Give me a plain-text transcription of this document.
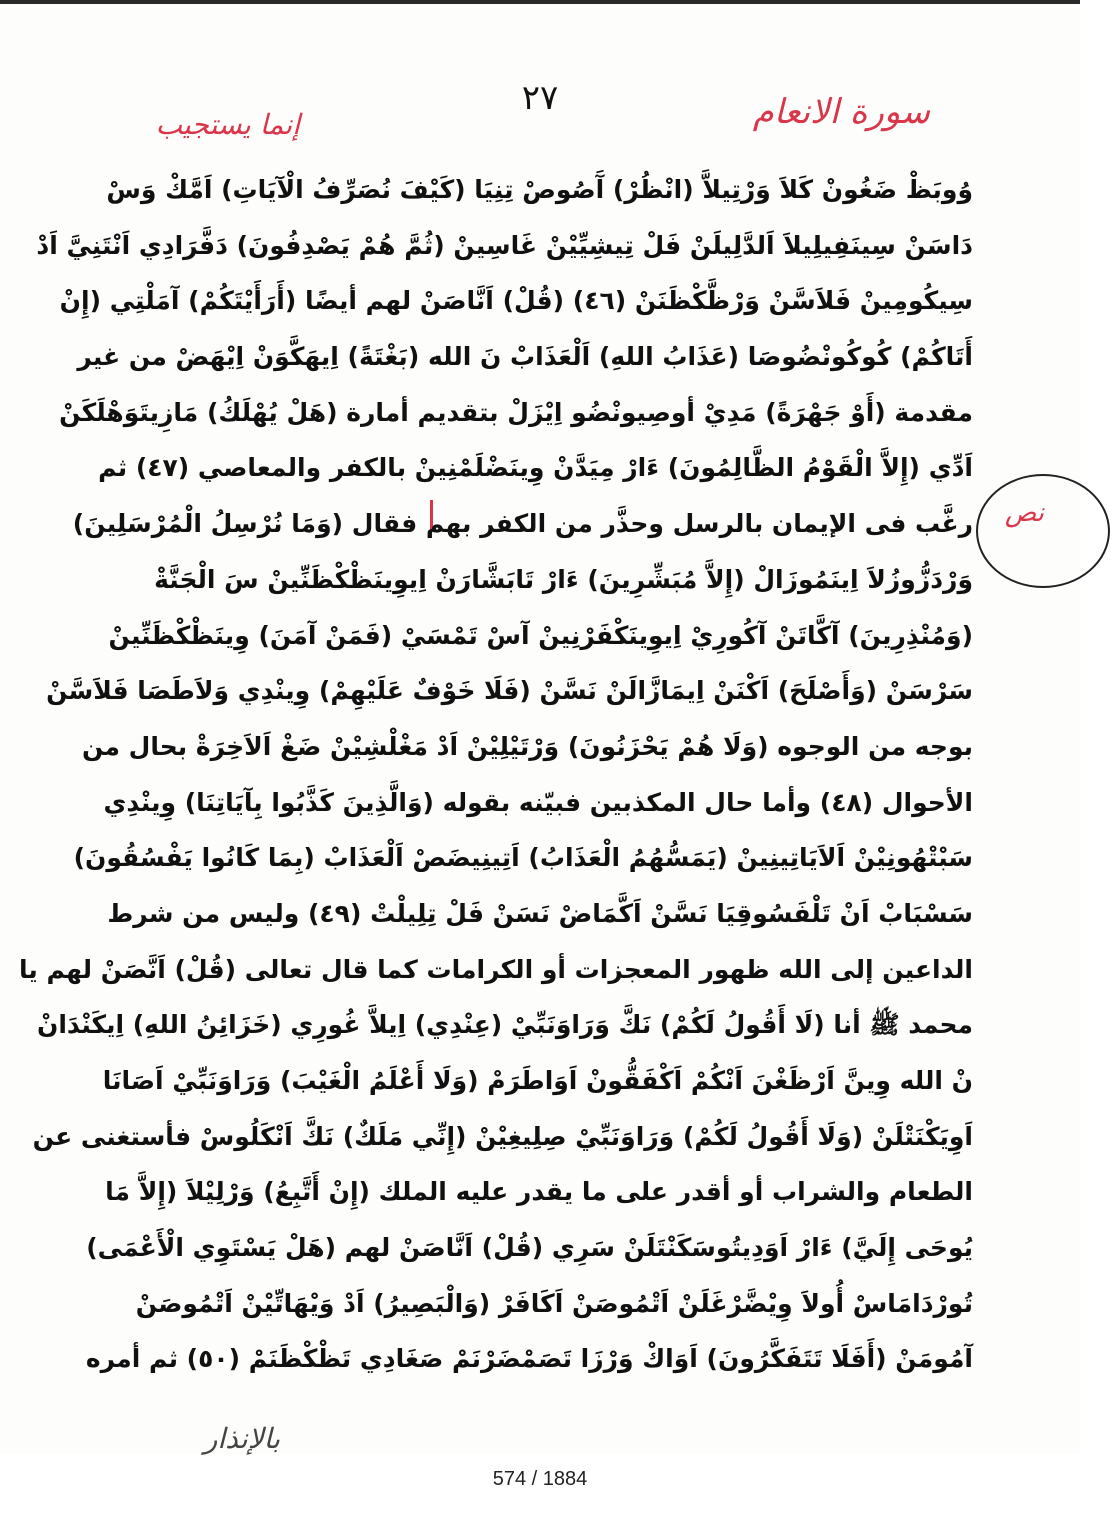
٢٧	سورة الانعام
إنما يستجيب
نص
وُوبَظْ ضَغُونْ كَلاَ وَرْتِيلاَّ (انْظُرْ) آَصُوصْ تِنِيَا (كَيْفَ نُصَرِّفُ الْآيَاتِ) اَمَّكْ وَسْ
دَاسَنْ سِينَفِيلِيلاَ اَلدَّلِيلَنْ فَلْ تِيشِيِّيْنْ غَاسِينْ (ثُمَّ هُمْ يَصْدِفُونَ) دَفَّرَادِي اَنْتَنِيَّ اَدْ
سِيكُومِينْ فَلاَسَّنْ وَرْظَّكْظَنَنْ (٤٦) (قُلْ) اَنَّاصَنْ لهم أيضًا (أَرَأَيْتَكُمْ) آمَلْتِي (إِنْ
أَتَاكُمْ) كُوكُونْضُوصَا (عَذَابُ اللهِ) اَلْعَذَابْ نَ الله (بَغْتَةً) اِيهَكَّوَنْ اِيْهَضْ من غير
مقدمة (أَوْ جَهْرَةً) مَدِيْ أوصِيونْضُو اِيْزَلْ بتقديم أمارة (هَلْ يُهْلَكُ) مَازِيتَوَهْلَكَنْ
اَدِّي (إِلاَّ الْقَوْمُ الظَّالِمُونَ) ءَارْ مِيَدَّنْ وِينَضْلَمْنِينْ بالكفر والمعاصي (٤٧) ثم
رغَّب فى الإيمان بالرسل وحذَّر من الكفر بهم فقال (وَمَا نُرْسِلُ الْمُرْسَلِينَ)
وَرْدَزُّوزُلاَ اِينَمُوزَالْ (إِلاَّ مُبَشِّرِينَ) ءَارْ تَابَشَّارَنْ اِيوِينَظْكْظَنِّينْ سَ الْجَنَّةْ
(وَمُنْذِرِينَ) آكَّاتَنْ آكُورِيْ اِيوِينَكْفَرْنِينْ آسْ تَمْسَيْ (فَمَنْ آمَنَ) وِينَظْكْظَنِّينْ
سَرْسَنْ (وَأَصْلَحَ) اَكْنَنْ اِيمَازَّالَنْ نَسَّنْ (فَلَا خَوْفٌ عَلَيْهِمْ) وِينْدِي وَلاَطَصَا فَلاَسَّنْ
بوجه من الوجوه (وَلَا هُمْ يَحْزَنُونَ) وَرْتَيْلِيْنْ اَدْ مَغْلْشِيْنْ ضَغْ اَلاَخِرَةْ بحال من
الأحوال (٤٨) وأما حال المكذبين فبيّنه بقوله (وَالَّذِينَ كَذَّبُوا بِآيَاتِنَا) وِينْدِي
سَبْتْهُونِيْنْ اَلاَيَاتِينِينْ (يَمَسُّهُمُ الْعَذَابُ) اَتِينِيضَصْ اَلْعَذَابْ (بِمَا كَانُوا يَفْسُقُونَ)
سَسْبَابْ اَنْ تَلْفَسُوقِيَا نَسَّنْ اَكَّمَاضْ نَسَنْ فَلْ تِلِيلْتْ (٤٩) وليس من شرط
الداعين إلى الله ظهور المعجزات أو الكرامات كما قال تعالى (قُلْ) اَنَّصَنْ لهم يا
محمد ﷺ أنا (لَا أَقُولُ لَكُمْ) نَكَّ وَرَاوَنَبِّيْ (عِنْدِي) اِيلاَّ غُورِي (خَزَائِنُ اللهِ) اِيكَنْدَانْ
نْ الله وِينَّ اَرْظَغْنَ اَنْكُمْ اَكْفَقُّونْ اَوَاطَرَمْ (وَلَا أَعْلَمُ الْغَيْبَ) وَرَاوَنَبِّيْ اَصَانَا
اَوِيَكْنَتْلَنْ (وَلَا أَقُولُ لَكُمْ) وَرَاوَنَبِّيْ صِلِيغِيْنْ (إِنِّي مَلَكٌ) نَكَّ اَنْكَلُوسْ فأستغنى عن
الطعام والشراب أو أقدر على ما يقدر عليه الملك (إِنْ أَتَّبِعُ) وَرْلِيْلاَ (إِلاَّ مَا
يُوحَى إِلَيَّ) ءَارْ اَوَدِيتُوسَكَنْتَلَنْ سَرِي (قُلْ) اَنَّاصَنْ لهم (هَلْ يَسْتَوِي الْأَعْمَى)
تُورْدَامَاسْ أُولاَ وِيْضَّرْغَلَنْ اَتْمُوصَنْ اَكَافَرْ (وَالْبَصِيرُ) اَدْ وَيْهَاتِّيْنْ اَتْمُوصَنْ
آمُومَنْ (أَفَلَا تَتَفَكَّرُونَ) اَوَاكْ وَرْزَا تَصَمْضَرْنَمْ صَغَادِي تَظْكْظَنَمْ (٥٠) ثم أمره
بالإنذار
574 / 1884
